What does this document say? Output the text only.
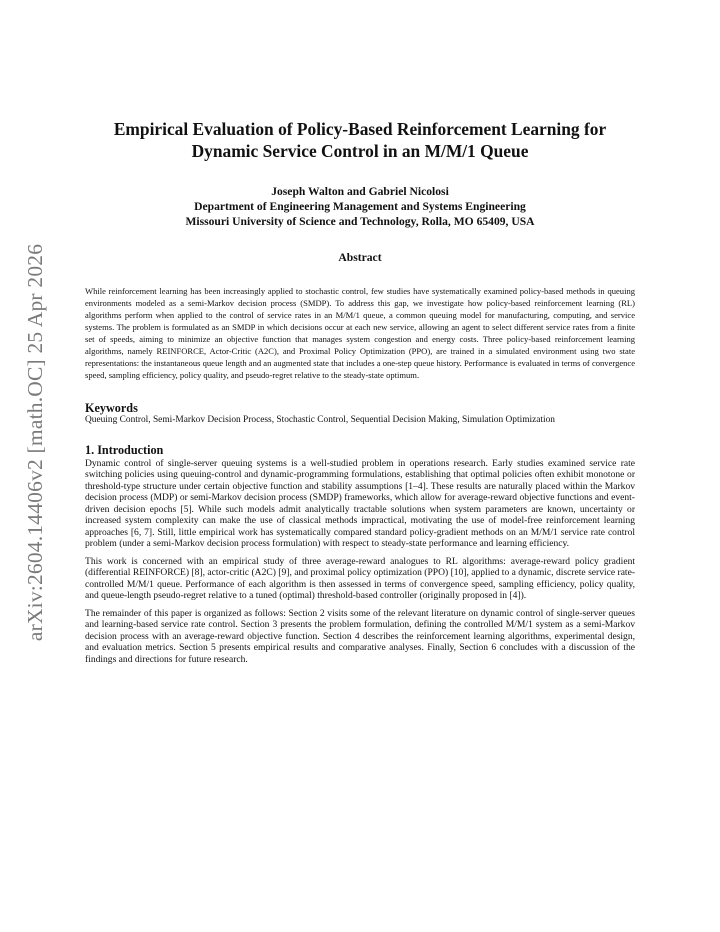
arXiv:2604.14406v2 [math.OC] 25 Apr 2026
Empirical Evaluation of Policy-Based Reinforcement Learning for Dynamic Service Control in an M/M/1 Queue
Joseph Walton and Gabriel Nicolosi
Department of Engineering Management and Systems Engineering
Missouri University of Science and Technology, Rolla, MO 65409, USA
Abstract

While reinforcement learning has been increasingly applied to stochastic control, few studies have systematically examined policy-based methods in queuing environments modeled as a semi-Markov decision process (SMDP). To address this gap, we investigate how policy-based reinforcement learning (RL) algorithms perform when applied to the control of service rates in an M/M/1 queue, a common queuing model for manufacturing, computing, and service systems. The problem is formulated as an SMDP in which decisions occur at each new service, allowing an agent to select different service rates from a finite set of speeds, aiming to minimize an objective function that manages system congestion and energy costs. Three policy-based reinforcement learning algorithms, namely REINFORCE, Actor-Critic (A2C), and Proximal Policy Optimization (PPO), are trained in a simulated environment using two state representations: the instantaneous queue length and an augmented state that includes a one-step queue history. Performance is evaluated in terms of convergence speed, sampling efficiency, policy quality, and pseudo-regret relative to the steady-state optimum.

Keywords
Queuing Control, Semi-Markov Decision Process, Stochastic Control, Sequential Decision Making, Simulation Optimization
1. Introduction

Dynamic control of single-server queuing systems is a well-studied problem in operations research. Early studies examined service rate switching policies using queuing-control and dynamic-programming formulations, establishing that optimal policies often exhibit monotone or threshold-type structure under certain objective function and stability assumptions [1–4]. These results are naturally placed within the Markov decision process (MDP) or semi-Markov decision process (SMDP) frameworks, which allow for average-reward objective functions and event-driven decision epochs [5]. While such models admit analytically tractable solutions when system parameters are known, uncertainty or increased system complexity can make the use of classical methods impractical, motivating the use of model-free reinforcement learning approaches [6, 7]. Still, little empirical work has systematically compared standard policy-gradient methods on an M/M/1 service rate control problem (under a semi-Markov decision process formulation) with respect to steady-state performance and learning efficiency.

This work is concerned with an empirical study of three average-reward analogues to RL algorithms: average-reward policy gradient (differential REINFORCE) [8], actor-critic (A2C) [9], and proximal policy optimization (PPO) [10], applied to a dynamic, discrete service rate-controlled M/M/1 queue. Performance of each algorithm is then assessed in terms of convergence speed, sampling efficiency, policy quality, and queue-length pseudo-regret relative to a tuned (optimal) threshold-based controller (originally proposed in [4]).

The remainder of this paper is organized as follows: Section 2 visits some of the relevant literature on dynamic control of single-server queues and learning-based service rate control. Section 3 presents the problem formulation, defining the controlled M/M/1 system as a semi-Markov decision process with an average-reward objective function. Section 4 describes the reinforcement learning algorithms, experimental design, and evaluation metrics. Section 5 presents empirical results and comparative analyses. Finally, Section 6 concludes with a discussion of the findings and directions for future research.
